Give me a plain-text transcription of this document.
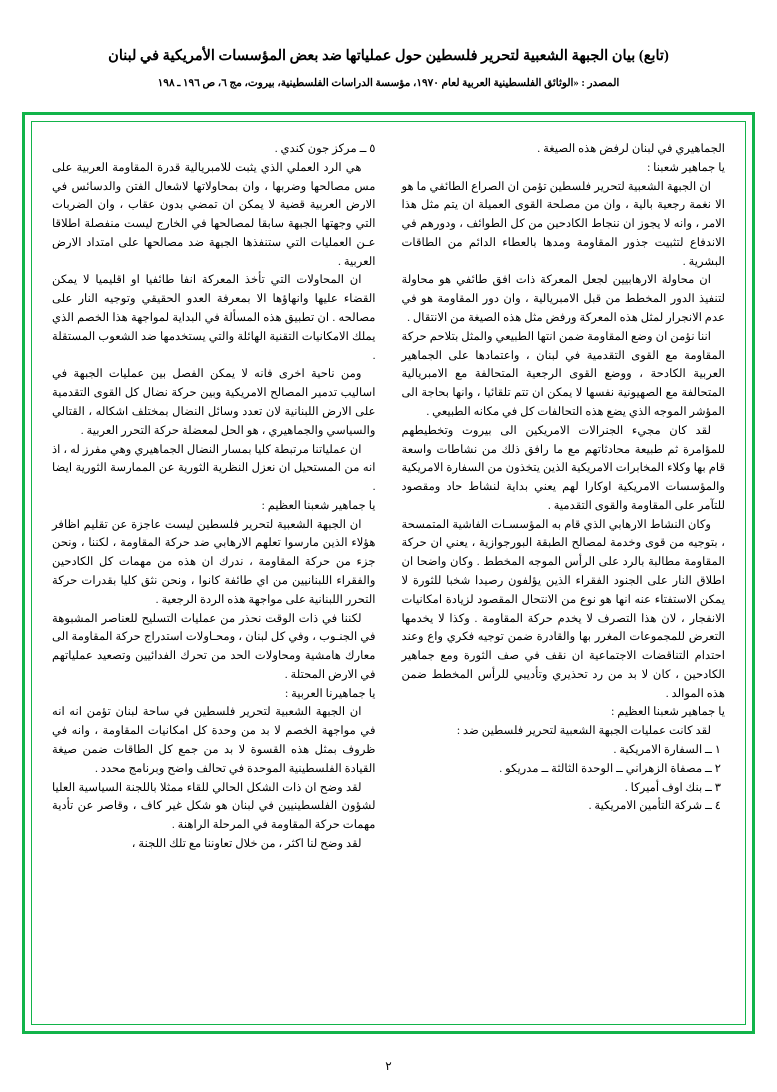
(تابع) بيان الجبهة الشعبية لتحرير فلسطين حول عملياتها ضد بعض المؤسسات الأمريكية في لبنان
المصدر : «الوثائق الفلسطينية العربية لعام ١٩٧٠، مؤسسة الدراسات الفلسطينية، بيروت، مج ٦، ص ١٩٦ ـ ١٩٨

الجماهيري في لبنان لرفض هذه الصيغة .

يا جماهير شعبنا :

ان الجبهة الشعبية لتحرير فلسطين تؤمن ان الصراع الطائفي ما هو الا نغمة رجعية بالية ، وان من مصلحة القوى العميلة ان يتم مثل هذا الامر ، وانه لا يجوز ان ننجاط الكادحين من كل الطوائف ، ودورهم في الاندفاع لتثبيت جذور المقاومة ومدها بالعطاء الدائم من الطاقات البشرية .

ان محاولة الارهابيين لجعل المعركة ذات افق طائفي هو محاولة لتنفيذ الدور المخطط من قبل الامبريالية ، وان دور المقاومة هو في عدم الانجرار لمثل هذه المعركة ورفض مثل هذه الصيغة من الانتقال .

اننا نؤمن ان وضع المقاومة ضمن انتها الطبيعي والمثل بتلاحم حركة المقاومة مع القوى التقدمية في لبنان ، واعتمادها على الجماهير العربية الكادحة ، ووضع القوى الرجعية المتحالفة مع الامبريالية المتحالفة مع الصهيونية نفسها لا يمكن ان تتم تلقائيا ، وانها بحاجة الى المؤشر الموجه الذي يضع هذه التحالفات كل في مكانه الطبيعي .

لقد كان مجيء الجنرالات الامريكين الى بيروت وتخطيطهم للمؤامرة ثم طبيعة محادثاتهم مع ما رافق ذلك من نشاطات واسعة قام بها وكلاء المخابرات الامريكية الذين يتخذون من السفارة الامريكية والمؤسسات الامريكية اوكارا لهم يعني بداية لنشاط حاد ومقصود للتآمر على المقاومة والقوى التقدمية .

وكان النشاط الارهابي الذي قام به المؤسسـات الفاشية المتمسحة ، بتوجيه من قوى وخدمة لمصالح الطبقة البورجوازية ، يعني ان حركة المقاومة مطالبة بالرد على الرأس الموجه المخطط . وكان واضحا ان اطلاق النار على الجنود الفقراء الذين يؤلفون رصيدا شخبا للثورة لا يمكن الاستفتاء عنه انها هو نوع من الانتحال المقصود لزيادة امكانيات الانفجار ، لان هذا التصرف لا يخدم حركة المقاومة . وكذا لا يخدمها التعرض للمجموعات المغرر بها والقادرة ضمن توجيه فكري واع وعند احتدام التناقضات الاجتماعية ان نقف في صف الثورة ومع جماهير الكادحين ، كان لا بد من رد تحذيري وتأديبي للرأس المخطط ضمن هذه الموالد .

يا جماهير شعبنا العظيم :

لقد كانت عمليات الجبهة الشعبية لتحرير فلسطين ضد :

١ ــ السفارة الامريكية .

٢ ــ مصفاة الزهراني ــ الوحدة الثالثة ــ مدريكو .

٣ ــ بنك اوف أميركا .

٤ ــ شركة التأمين الامريكية .

٥ ــ مركز جون كندي .

هي الرد العملي الذي يثبت للامبريالية قدرة المقاومة العربية على مس مصالحها وضربها ، وان بمحاولاتها لاشعال الفتن والدسائس في الارض العربية قضية لا يمكن ان تمضي بدون عقاب ، وان الضربات التي وجهتها الجبهة سابقا لمصالحها في الخارج ليست منفصلة اطلاقا عـن العمليات التي ستنفذها الجبهة ضد مصالحها على امتداد الارض العربية .

ان المحاولات التي تأخذ المعركة انفا طائفيا او اقليميا لا يمكن القضاء عليها وانهاؤها الا بمعرفة العدو الحقيقي وتوجيه النار على مصالحه . ان تطبيق هذه المسألة في البداية لمواجهة هذا الخصم الذي يملك الامكانيات التقنية الهائلة والتي يستخدمها ضد الشعوب المستقلة .

ومن ناحية اخرى فانه لا يمكن الفصل بين عمليات الجبهة في اساليب تدمير المصالح الامريكية وبين حركة نضال كل القوى التقدمية على الارض اللبنانية لان تعدد وسائل النضال بمختلف اشكاله ، القتالي والسياسي والجماهيري ، هو الحل لمعضلة حركة التحرر العربية .

ان عملياتنا مرتبطة كليا بمسار النضال الجماهيري وهي مفرز له ، اذ انه من المستحيل ان نعزل النظرية الثورية عن الممارسة الثورية ايضا .

يا جماهير شعبنا العظيم :

ان الجبهة الشعبية لتحرير فلسطين ليست عاجزة عن تقليم اظافر هؤلاء الذين مارسوا تعلهم الارهابي ضد حركة المقاومة ، لكننا ، ونحن جزء من حركة المقاومة ، ندرك ان هذه من مهمات كل الكادحين والفقراء اللبنانيين من اي طائفة كانوا ، ونحن نثق كليا بقدرات حركة التحرر اللبنانية على مواجهة هذه الردة الرجعية .

لكننا في ذات الوقت نحذر من عمليات التسليح للعناصر المشبوهة في الجنـوب ، وفي كل لبنان ، ومحـاولات استدراج حركة المقاومة الى معارك هامشية ومحاولات الحد من تحرك الفدائيين وتصعيد عملياتهم في الارض المحتلة .

يا جماهيرنا العربية :

ان الجبهة الشعبية لتحرير فلسطين في ساحة لبنان تؤمن انه انه في مواجهة الخصم لا بد من وحدة كل امكانيات المقاومة ، وانه في ظروف بمثل هذه القسوة لا بد من جمع كل الطاقات ضمن صيغة القيادة الفلسطينية الموحدة في تحالف واضح وبرنامج محدد .

لقد وضح ان ذات الشكل الحالي للقاء ممثلا باللجنة السياسية العليا لشؤون الفلسطينيين في لبنان هو شكل غير كاف ، وقاصر عن تأدية مهمات حركة المقاومة في المرحلة الراهنة .

لقد وضح لنا اكثر ، من خلال تعاوننا مع تلك اللجنة ،

٢
